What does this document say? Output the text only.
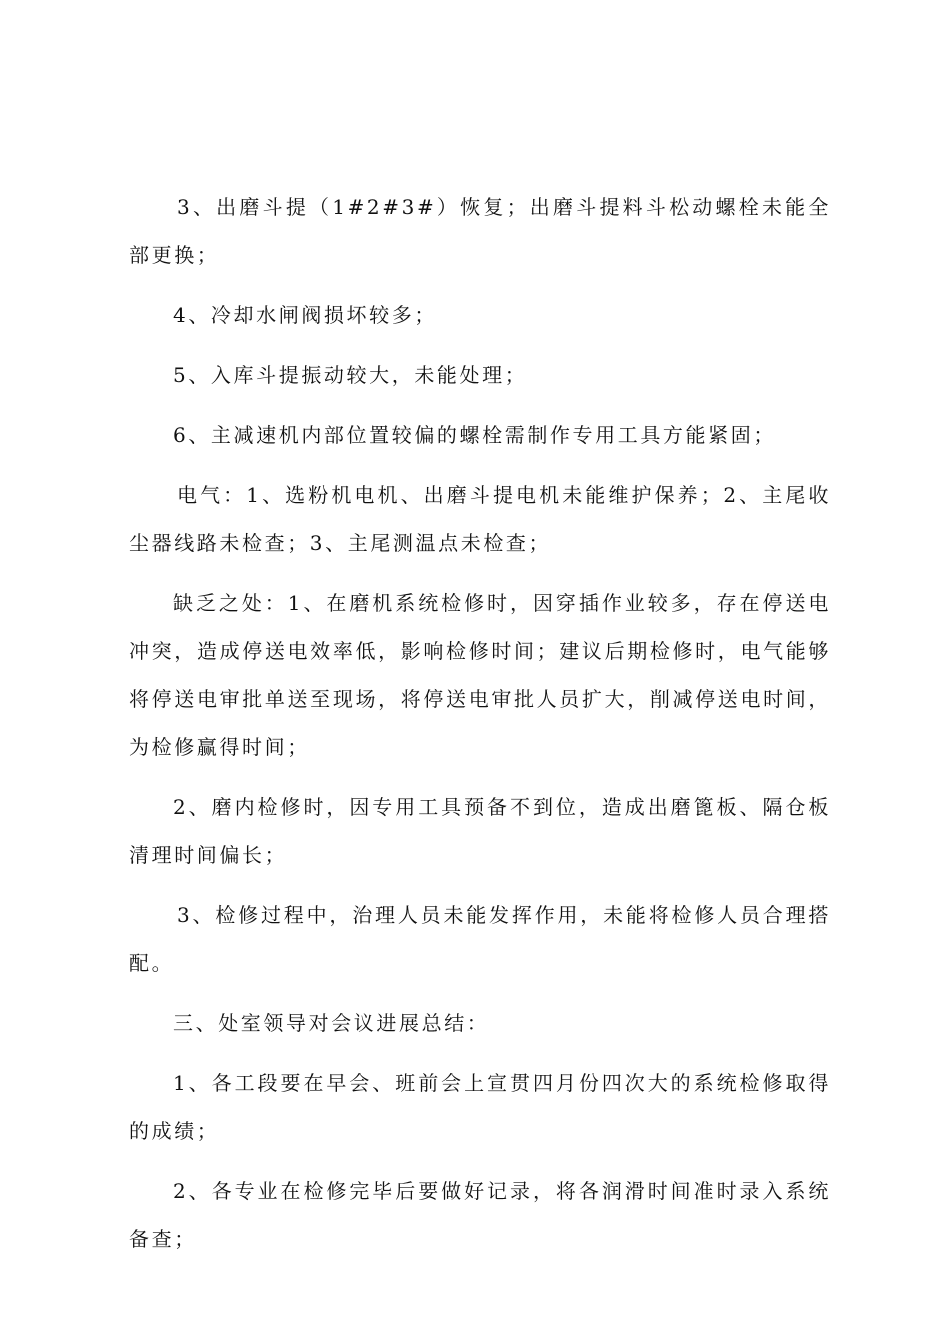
3、出磨斗提（1#2#3#）恢复；出磨斗提料斗松动螺栓未能全部更换；

4、冷却水闸阀损坏较多；

5、入库斗提振动较大，未能处理；

6、主减速机内部位置较偏的螺栓需制作专用工具方能紧固；

电气：1、选粉机电机、出磨斗提电机未能维护保养；2、主尾收尘器线路未检查；3、主尾测温点未检查；

缺乏之处：1、在磨机系统检修时，因穿插作业较多，存在停送电冲突，造成停送电效率低，影响检修时间；建议后期检修时，电气能够将停送电审批单送至现场，将停送电审批人员扩大，削减停送电时间，为检修赢得时间；

2、磨内检修时，因专用工具预备不到位，造成出磨篦板、隔仓板清理时间偏长；

3、检修过程中，治理人员未能发挥作用，未能将检修人员合理搭配。

三、处室领导对会议进展总结：

1、各工段要在早会、班前会上宣贯四月份四次大的系统检修取得的成绩；

2、各专业在检修完毕后要做好记录，将各润滑时间准时录入系统备查；
